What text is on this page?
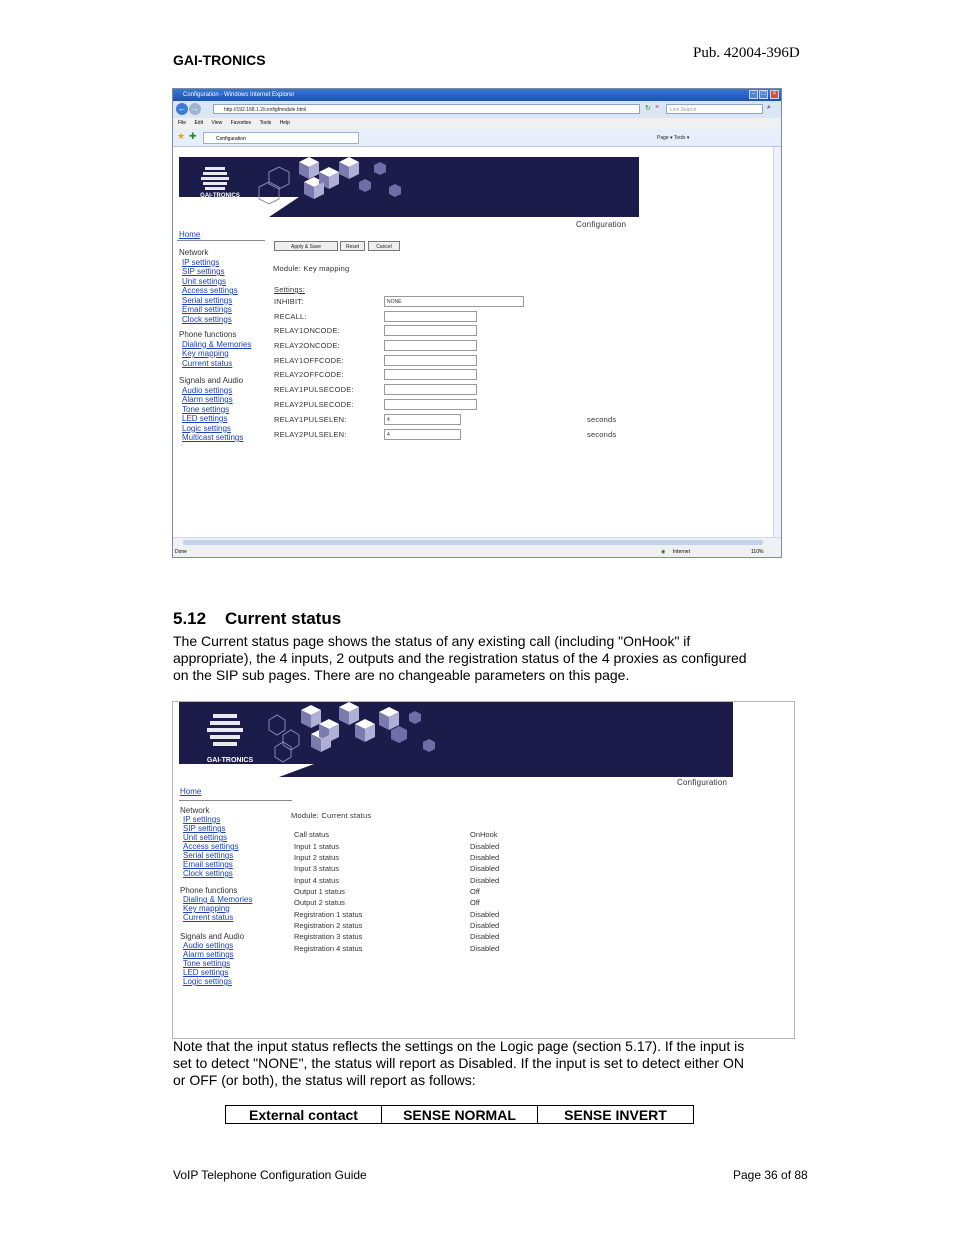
GAI-TRONICS	Pub. 42004-396D
Configuration - Windows Internet Explorer	–	□	×
← →	http://192.168.1.2/configfmodule.html	↻ ×	Live Search	⌕
File Edit View Favorites Tools Help
★ ✚	Configuration	Page ▾ Tools ▾
GAI-TRONICS
A Hubbell Company
Configuration
Home
Network
IP settings
SIP settings
Unit settings
Access settings
Serial settings
Email settings
Clock settings
Phone functions
Dialing & Memories
Key mapping
Current status
Signals and Audio
Audio settings
Alarm settings
Tone settings
LED settings
Logic settings
Multicast settings
Apply & Save	Reset	Cancel
Module: Key mapping
Settings:
INHIBIT:	NONE
RECALL:
RELAY1ONCODE:
RELAY2ONCODE:
RELAY1OFFCODE:
RELAY2OFFCODE:
RELAY1PULSECODE:
RELAY2PULSECODE:
RELAY1PULSELEN:	4	seconds
RELAY2PULSELEN:	4	seconds
Done	◉ Internet	110%
5.12 Current status
The Current status page shows the status of any existing call (including "OnHook" if
appropriate), the 4 inputs, 2 outputs and the registration status of the 4 proxies as configured
on the SIP sub pages. There are no changeable parameters on this page.
GAI-TRONICS
A Hubbell Company
Configuration
Home
Network
IP settings
SIP settings
Unit settings
Access settings
Serial settings
Email settings
Clock settings
Phone functions
Dialing & Memories
Key mapping
Current status
Signals and Audio
Audio settings
Alarm settings
Tone settings
LED settings
Logic settings
Module: Current status
Call status	OnHook
Input 1 status	Disabled
Input 2 status	Disabled
Input 3 status	Disabled
Input 4 status	Disabled
Output 1 status	Off
Output 2 status	Off
Registration 1 status	Disabled
Registration 2 status	Disabled
Registration 3 status	Disabled
Registration 4 status	Disabled
Note that the input status reflects the settings on the Logic page (section 5.17). If the input is
set to detect "NONE", the status will report as Disabled. If the input is set to detect either ON
or OFF (or both), the status will report as follows:
External contact	SENSE NORMAL	SENSE INVERT
VoIP Telephone Configuration Guide	Page 36 of 88
